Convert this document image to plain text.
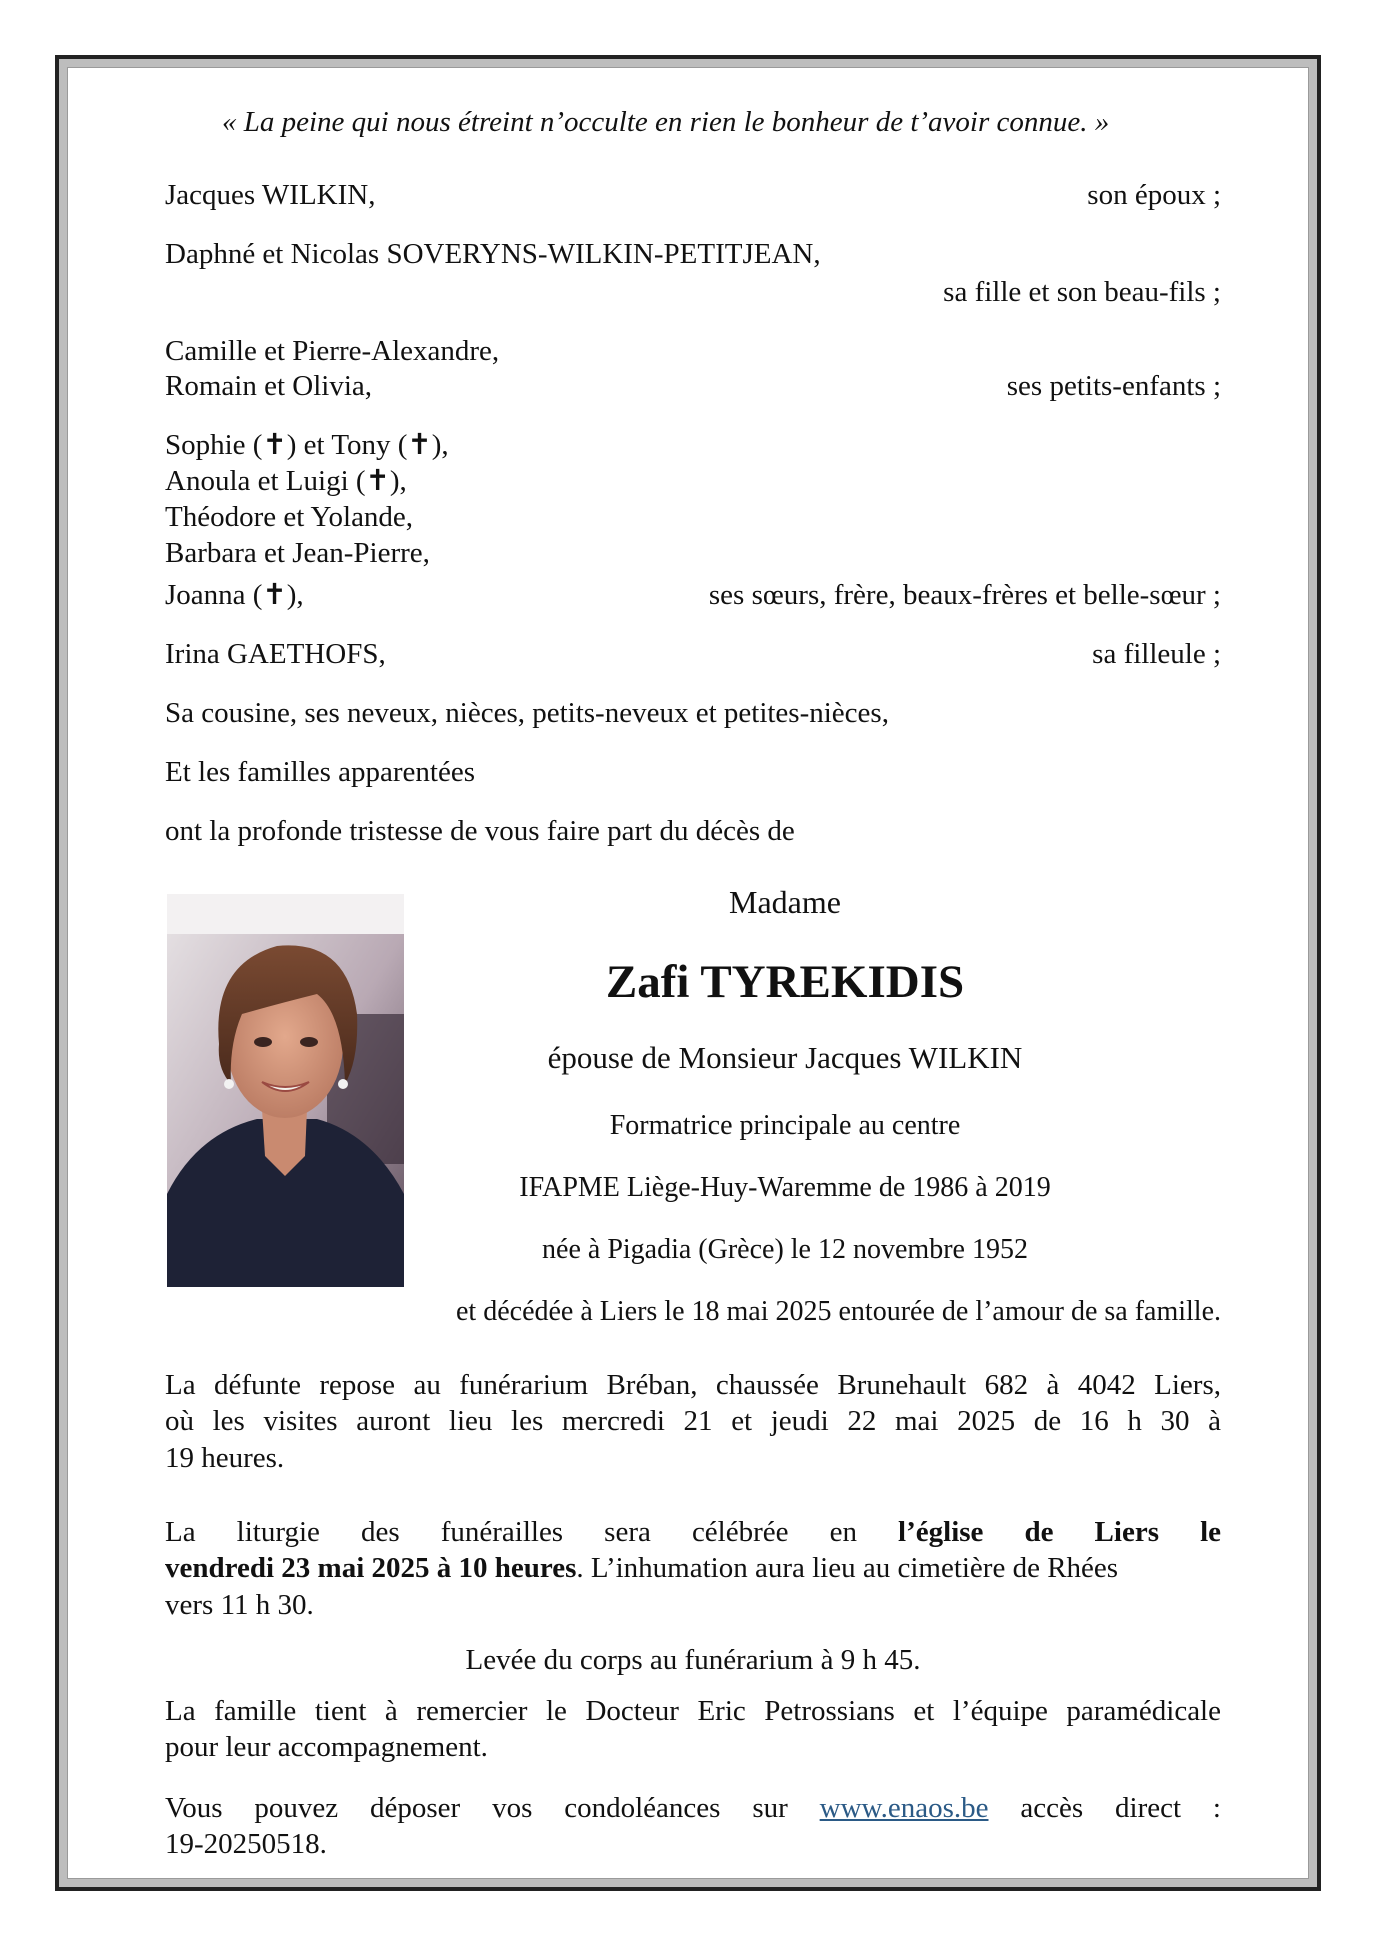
« La peine qui nous étreint n’occulte en rien le bonheur de t’avoir connue. »
Jacques WILKIN,	son époux ;
Daphné et Nicolas SOVERYNS-WILKIN-PETITJEAN,
sa fille et son beau-fils ;
Camille et Pierre-Alexandre,
Romain et Olivia,	ses petits-enfants ;
Sophie (✝) et Tony (✝),
Anoula et Luigi (✝),
Théodore et Yolande,
Barbara et Jean-Pierre,
Joanna (✝),	ses sœurs, frère, beaux-frères et belle-sœur ;
Irina GAETHOFS,	sa filleule ;
Sa cousine, ses neveux, nièces, petits-neveux et petites-nièces,
Et les familles apparentées
ont la profonde tristesse de vous faire part du décès de
Madame
Zafi TYREKIDIS
épouse de Monsieur Jacques WILKIN
Formatrice principale au centre
IFAPME Liège-Huy-Waremme de 1986 à 2019
née à Pigadia (Grèce) le 12 novembre 1952
et décédée à Liers le 18 mai 2025 entourée de l’amour de sa famille.
La défunte repose au funérarium Bréban, chaussée Brunehault 682 à 4042 Liers,
où les visites auront lieu les mercredi 21 et jeudi 22 mai 2025 de 16 h 30 à
19 heures.
La liturgie des funérailles sera célébrée en l’église de Liers le
vendredi 23 mai 2025 à 10 heures. L’inhumation aura lieu au cimetière de Rhées
vers 11 h 30.
Levée du corps au funérarium à 9 h 45.
La famille tient à remercier le Docteur Eric Petrossians et l’équipe paramédicale
pour leur accompagnement.
Vous pouvez déposer vos condoléances sur www.enaos.be accès direct :
19-20250518.
